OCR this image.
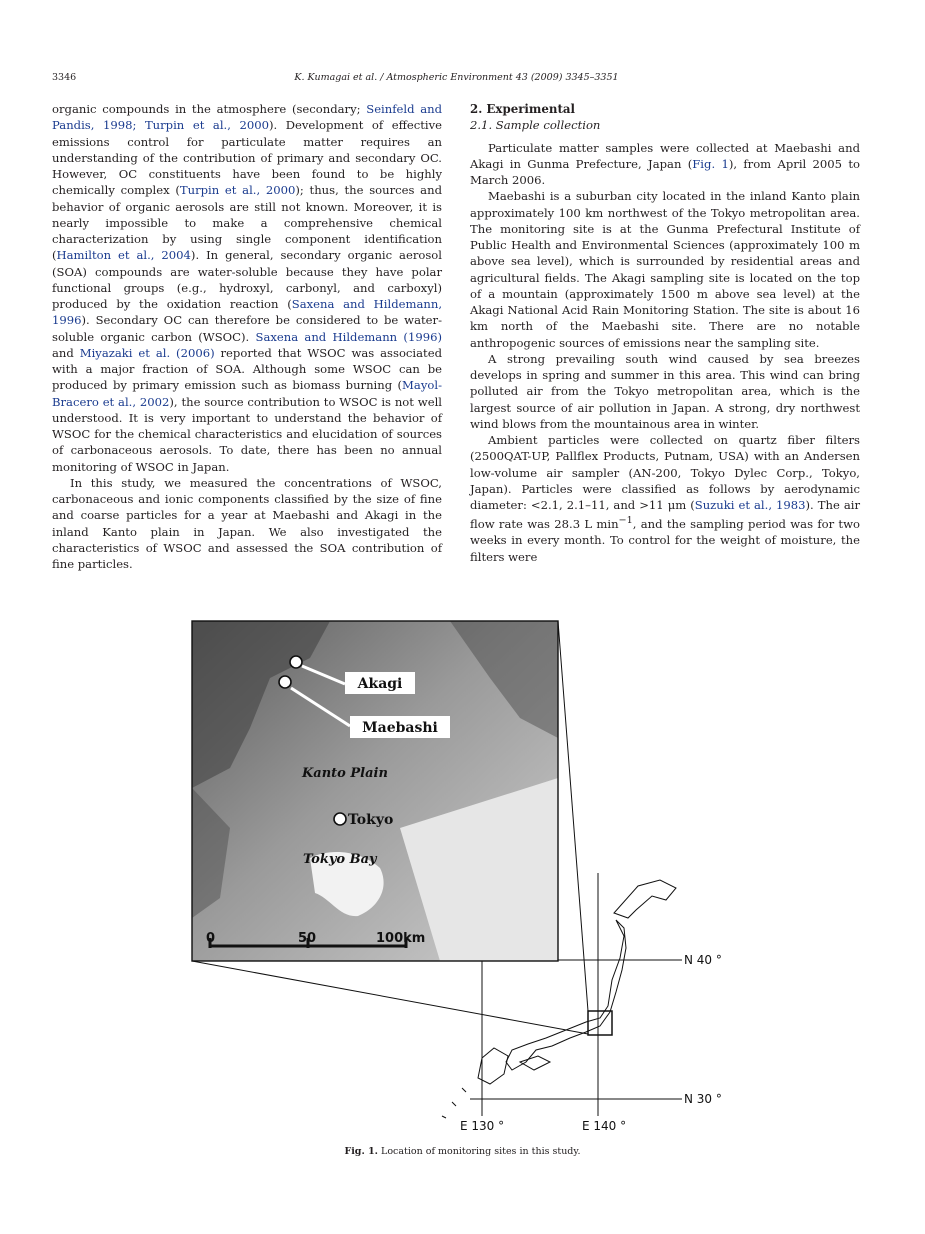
3346	K. Kumagai et al. / Atmospheric Environment 43 (2009) 3345–3351

organic compounds in the atmosphere (secondary; Seinfeld and Pandis, 1998; Turpin et al., 2000). Development of effective emissions control for particulate matter requires an understanding of the contribution of primary and secondary OC. However, OC constituents have been found to be highly chemically complex (Turpin et al., 2000); thus, the sources and behavior of organic aerosols are still not known. Moreover, it is nearly impossible to make a comprehensive chemical characterization by using single component identification (Hamilton et al., 2004). In general, secondary organic aerosol (SOA) compounds are water-soluble because they have polar functional groups (e.g., hydroxyl, carbonyl, and carboxyl) produced by the oxidation reaction (Saxena and Hildemann, 1996). Secondary OC can therefore be considered to be water-soluble organic carbon (WSOC). Saxena and Hildemann (1996) and Miyazaki et al. (2006) reported that WSOC was associated with a major fraction of SOA. Although some WSOC can be produced by primary emission such as biomass burning (Mayol-Bracero et al., 2002), the source contribution to WSOC is not well understood. It is very important to understand the behavior of WSOC for the chemical characteristics and elucidation of sources of carbonaceous aerosols. To date, there has been no annual monitoring of WSOC in Japan.

In this study, we measured the concentrations of WSOC, carbonaceous and ionic components classified by the size of fine and coarse particles for a year at Maebashi and Akagi in the inland Kanto plain in Japan. We also investigated the characteristics of WSOC and assessed the SOA contribution of fine particles.

2. Experimental

2.1. Sample collection

Particulate matter samples were collected at Maebashi and Akagi in Gunma Prefecture, Japan (Fig. 1), from April 2005 to March 2006.

Maebashi is a suburban city located in the inland Kanto plain approximately 100 km northwest of the Tokyo metropolitan area. The monitoring site is at the Gunma Prefectural Institute of Public Health and Environmental Sciences (approximately 100 m above sea level), which is surrounded by residential areas and agricultural fields. The Akagi sampling site is located on the top of a mountain (approximately 1500 m above sea level) at the Akagi National Acid Rain Monitoring Station. The site is about 16 km north of the Maebashi site. There are no notable anthropogenic sources of emissions near the sampling site.

A strong prevailing south wind caused by sea breezes develops in spring and summer in this area. This wind can bring polluted air from the Tokyo metropolitan area, which is the largest source of air pollution in Japan. A strong, dry northwest wind blows from the mountainous area in winter.

Ambient particles were collected on quartz fiber filters (2500QAT-UP, Pallflex Products, Putnam, USA) with an Andersen low-volume air sampler (AN-200, Tokyo Dylec Corp., Tokyo, Japan). Particles were classified as follows by aerodynamic diameter: <2.1, 2.1–11, and >11 μm (Suzuki et al., 1983). The air flow rate was 28.3 L $\min^{-1}$, and the sampling period was for two weeks in every month. To control for the weight of moisture, the filters were

Akagi
Maebashi
Kanto Plain
Tokyo
Tokyo Bay
0	50	100km
N 40 °
N 30 °
E 130 °	E 140 °
Fig. 1. Location of monitoring sites in this study.
